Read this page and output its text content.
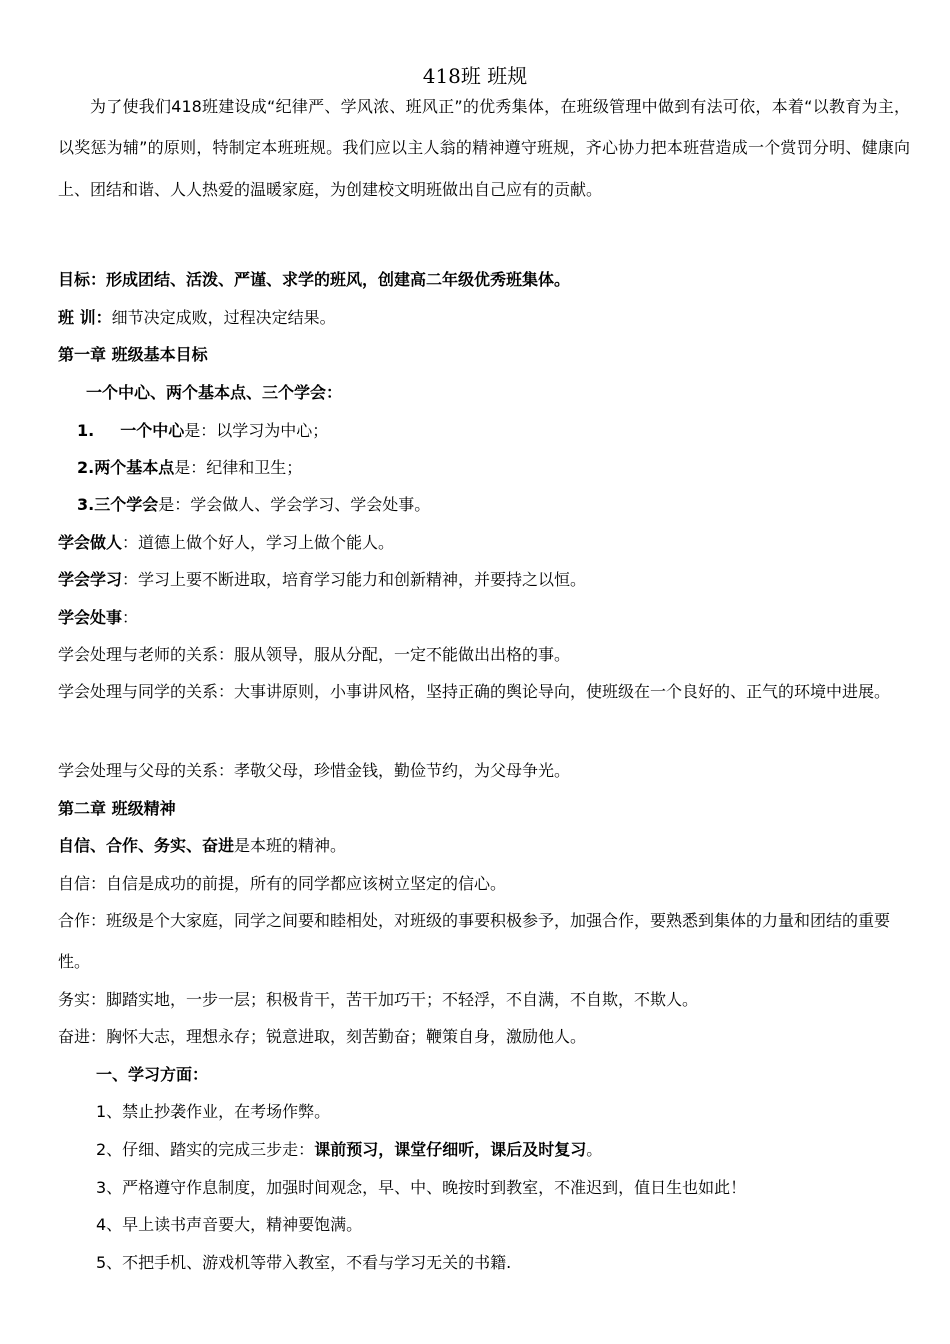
418班 班规
为了使我们418班建设成“纪律严、学风浓、班风正”的优秀集体，在班级管理中做到有法可依，本着“以教育为主，以奖惩为辅”的原则，特制定本班班规。我们应以主人翁的精神遵守班规，齐心协力把本班营造成一个赏罚分明、健康向上、团结和谐、人人热爱的温暖家庭，为创建校文明班做出自己应有的贡献。
目标：形成团结、活泼、严谨、求学的班风，创建高二年级优秀班集体。
班 训：细节决定成败，过程决定结果。
第一章 班级基本目标
一个中心、两个基本点、三个学会：
1. 一个中心是：以学习为中心；
2.两个基本点是：纪律和卫生；
3.三个学会是：学会做人、学会学习、学会处事。
学会做人：道德上做个好人，学习上做个能人。
学会学习：学习上要不断进取，培育学习能力和创新精神，并要持之以恒。
学会处事：
学会处理与老师的关系：服从领导，服从分配，一定不能做出出格的事。
学会处理与同学的关系：大事讲原则，小事讲风格，坚持正确的舆论导向，使班级在一个良好的、正气的环境中进展。
学会处理与父母的关系：孝敬父母，珍惜金钱，勤俭节约，为父母争光。
第二章 班级精神
自信、合作、务实、奋进是本班的精神。
自信：自信是成功的前提，所有的同学都应该树立坚定的信心。
合作：班级是个大家庭，同学之间要和睦相处，对班级的事要积极参予，加强合作，要熟悉到集体的力量和团结的重要性。
务实：脚踏实地，一步一层；积极肯干，苦干加巧干；不轻浮，不自满，不自欺，不欺人。
奋进：胸怀大志，理想永存；锐意进取，刻苦勤奋；鞭策自身，激励他人。
一、学习方面：
1、禁止抄袭作业，在考场作弊。
2、仔细、踏实的完成三步走：课前预习，课堂仔细听，课后及时复习。
3、严格遵守作息制度，加强时间观念，早、中、晚按时到教室，不准迟到，值日生也如此！
4、早上读书声音要大，精神要饱满。
5、不把手机、游戏机等带入教室，不看与学习无关的书籍.
